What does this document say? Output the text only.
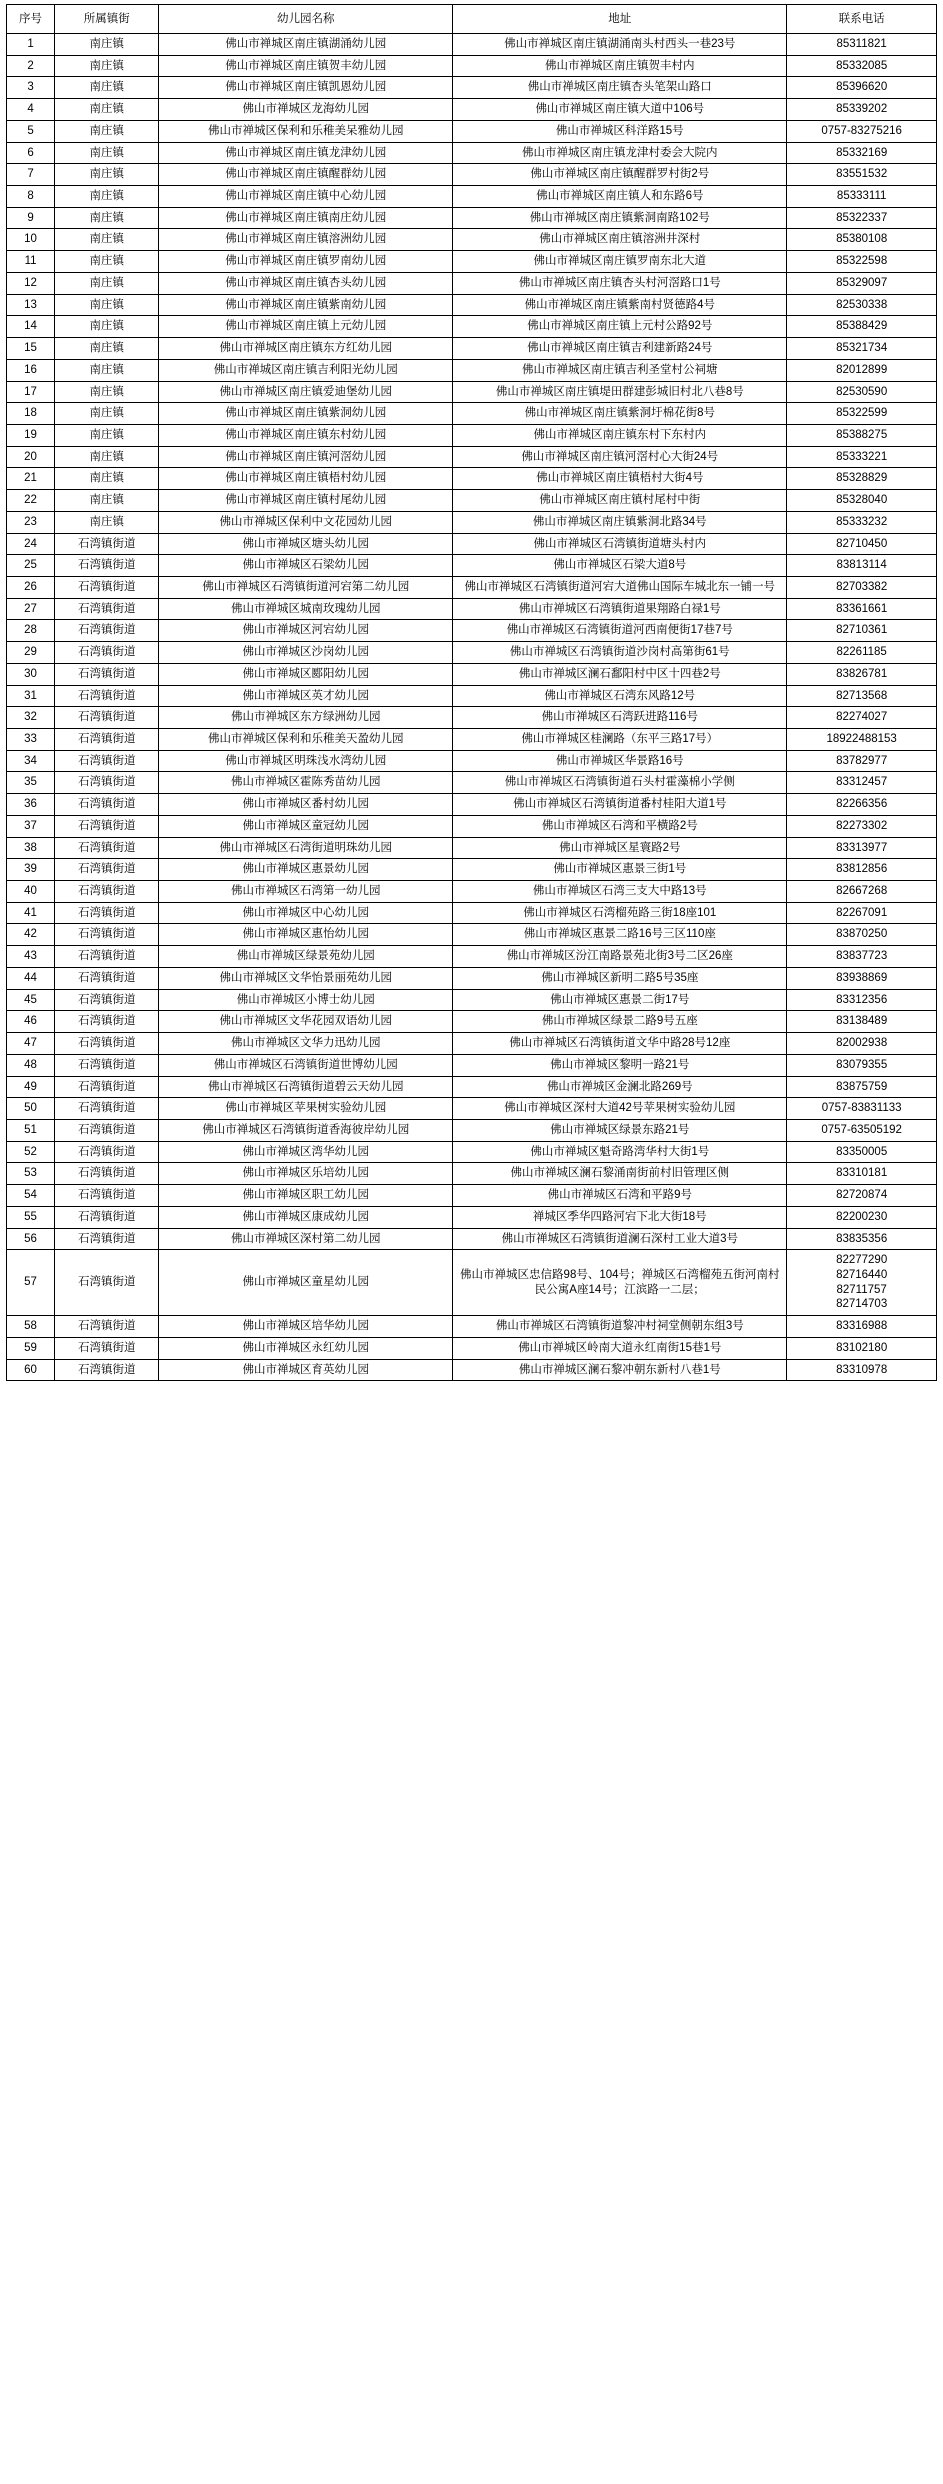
序号	所属镇街	幼儿园名称	地址	联系电话
1	南庄镇	佛山市禅城区南庄镇湖涌幼儿园	佛山市禅城区南庄镇湖涌南头村西头一巷23号	85311821
2	南庄镇	佛山市禅城区南庄镇贺丰幼儿园	佛山市禅城区南庄镇贺丰村内	85332085
3	南庄镇	佛山市禅城区南庄镇凯恩幼儿园	佛山市禅城区南庄镇杏头笔架山路口	85396620
4	南庄镇	佛山市禅城区龙海幼儿园	佛山市禅城区南庄镇大道中106号	85339202
5	南庄镇	佛山市禅城区保利和乐稚美呆雅幼儿园	佛山市禅城区科洋路15号	0757-83275216
6	南庄镇	佛山市禅城区南庄镇龙津幼儿园	佛山市禅城区南庄镇龙津村委会大院内	85332169
7	南庄镇	佛山市禅城区南庄镇醒群幼儿园	佛山市禅城区南庄镇醒群罗村街2号	83551532
8	南庄镇	佛山市禅城区南庄镇中心幼儿园	佛山市禅城区南庄镇人和东路6号	85333111
9	南庄镇	佛山市禅城区南庄镇南庄幼儿园	佛山市禅城区南庄镇紫洞南路102号	85322337
10	南庄镇	佛山市禅城区南庄镇溶洲幼儿园	佛山市禅城区南庄镇溶洲井深村	85380108
11	南庄镇	佛山市禅城区南庄镇罗南幼儿园	佛山市禅城区南庄镇罗南东北大道	85322598
12	南庄镇	佛山市禅城区南庄镇杏头幼儿园	佛山市禅城区南庄镇杏头村河滘路口1号	85329097
13	南庄镇	佛山市禅城区南庄镇紫南幼儿园	佛山市禅城区南庄镇紫南村贤德路4号	82530338
14	南庄镇	佛山市禅城区南庄镇上元幼儿园	佛山市禅城区南庄镇上元村公路92号	85388429
15	南庄镇	佛山市禅城区南庄镇东方红幼儿园	佛山市禅城区南庄镇吉利建新路24号	85321734
16	南庄镇	佛山市禅城区南庄镇吉利阳光幼儿园	佛山市禅城区南庄镇吉利圣堂村公祠塘	82012899
17	南庄镇	佛山市禅城区南庄镇爱迪堡幼儿园	佛山市禅城区南庄镇堤田群建彭城旧村北八巷8号	82530590
18	南庄镇	佛山市禅城区南庄镇紫洞幼儿园	佛山市禅城区南庄镇紫洞圩棉花街8号	85322599
19	南庄镇	佛山市禅城区南庄镇东村幼儿园	佛山市禅城区南庄镇东村下东村内	85388275
20	南庄镇	佛山市禅城区南庄镇河滘幼儿园	佛山市禅城区南庄镇河滘村心大街24号	85333221
21	南庄镇	佛山市禅城区南庄镇梧村幼儿园	佛山市禅城区南庄镇梧村大街4号	85328829
22	南庄镇	佛山市禅城区南庄镇村尾幼儿园	佛山市禅城区南庄镇村尾村中街	85328040
23	南庄镇	佛山市禅城区保利中文花园幼儿园	佛山市禅城区南庄镇紫洞北路34号	85333232
24	石湾镇街道	佛山市禅城区塘头幼儿园	佛山市禅城区石湾镇街道塘头村内	82710450
25	石湾镇街道	佛山市禅城区石梁幼儿园	佛山市禅城区石梁大道8号	83813114
26	石湾镇街道	佛山市禅城区石湾镇街道河宕第二幼儿园	佛山市禅城区石湾镇街道河宕大道佛山国际车城北东一铺一号	82703382
27	石湾镇街道	佛山市禅城区城南玫瑰幼儿园	佛山市禅城区石湾镇街道果翔路白禄1号	83361661
28	石湾镇街道	佛山市禅城区河宕幼儿园	佛山市禅城区石湾镇街道河西南便街17巷7号	82710361
29	石湾镇街道	佛山市禅城区沙岗幼儿园	佛山市禅城区石湾镇街道沙岗村高第街61号	82261185
30	石湾镇街道	佛山市禅城区郾阳幼儿园	佛山市禅城区澜石鄱阳村中区十四巷2号	83826781
31	石湾镇街道	佛山市禅城区英才幼儿园	佛山市禅城区石湾东风路12号	82713568
32	石湾镇街道	佛山市禅城区东方绿洲幼儿园	佛山市禅城区石湾跃进路116号	82274027
33	石湾镇街道	佛山市禅城区保利和乐稚美天盈幼儿园	佛山市禅城区桂澜路（东平三路17号）	18922488153
34	石湾镇街道	佛山市禅城区明珠浅水湾幼儿园	佛山市禅城区华景路16号	83782977
35	石湾镇街道	佛山市禅城区霍陈秀苗幼儿园	佛山市禅城区石湾镇街道石头村霍藻棉小学侧	83312457
36	石湾镇街道	佛山市禅城区番村幼儿园	佛山市禅城区石湾镇街道番村桂阳大道1号	82266356
37	石湾镇街道	佛山市禅城区童冠幼儿园	佛山市禅城区石湾和平横路2号	82273302
38	石湾镇街道	佛山市禅城区石湾街道明珠幼儿园	佛山市禅城区星寰路2号	83313977
39	石湾镇街道	佛山市禅城区惠景幼儿园	佛山市禅城区惠景三街1号	83812856
40	石湾镇街道	佛山市禅城区石湾第一幼儿园	佛山市禅城区石湾三支大中路13号	82667268
41	石湾镇街道	佛山市禅城区中心幼儿园	佛山市禅城区石湾榴苑路三街18座101	82267091
42	石湾镇街道	佛山市禅城区惠怡幼儿园	佛山市禅城区惠景二路16号三区110座	83870250
43	石湾镇街道	佛山市禅城区绿景苑幼儿园	佛山市禅城区汾江南路景苑北街3号二区26座	83837723
44	石湾镇街道	佛山市禅城区文华怡景丽苑幼儿园	佛山市禅城区新明二路5号35座	83938869
45	石湾镇街道	佛山市禅城区小博士幼儿园	佛山市禅城区惠景二街17号	83312356
46	石湾镇街道	佛山市禅城区文华花园双语幼儿园	佛山市禅城区绿景二路9号五座	83138489
47	石湾镇街道	佛山市禅城区文华力迅幼儿园	佛山市禅城区石湾镇街道文华中路28号12座	82002938
48	石湾镇街道	佛山市禅城区石湾镇街道世博幼儿园	佛山市禅城区黎明一路21号	83079355
49	石湾镇街道	佛山市禅城区石湾镇街道碧云天幼儿园	佛山市禅城区金澜北路269号	83875759
50	石湾镇街道	佛山市禅城区苹果树实验幼儿园	佛山市禅城区深村大道42号苹果树实验幼儿园	0757-83831133
51	石湾镇街道	佛山市禅城区石湾镇街道香海彼岸幼儿园	佛山市禅城区绿景东路21号	0757-63505192
52	石湾镇街道	佛山市禅城区湾华幼儿园	佛山市禅城区魁奇路湾华村大街1号	83350005
53	石湾镇街道	佛山市禅城区乐培幼儿园	佛山市禅城区澜石黎涌南街前村旧管理区侧	83310181
54	石湾镇街道	佛山市禅城区职工幼儿园	佛山市禅城区石湾和平路9号	82720874
55	石湾镇街道	佛山市禅城区康成幼儿园	禅城区季华四路河宕下北大街18号	82200230
56	石湾镇街道	佛山市禅城区深村第二幼儿园	佛山市禅城区石湾镇街道澜石深村工业大道3号	83835356
57	石湾镇街道	佛山市禅城区童星幼儿园	佛山市禅城区忠信路98号、104号；禅城区石湾榴苑五街河南村民公寓A座14号；江滨路一二层；	82277290
82716440
82711757
82714703

58	石湾镇街道	佛山市禅城区培华幼儿园	佛山市禅城区石湾镇街道黎冲村祠堂侧朝东组3号	83316988
59	石湾镇街道	佛山市禅城区永红幼儿园	佛山市禅城区岭南大道永红南街15巷1号	83102180
60	石湾镇街道	佛山市禅城区育英幼儿园	佛山市禅城区澜石黎冲朝东新村八巷1号	83310978
